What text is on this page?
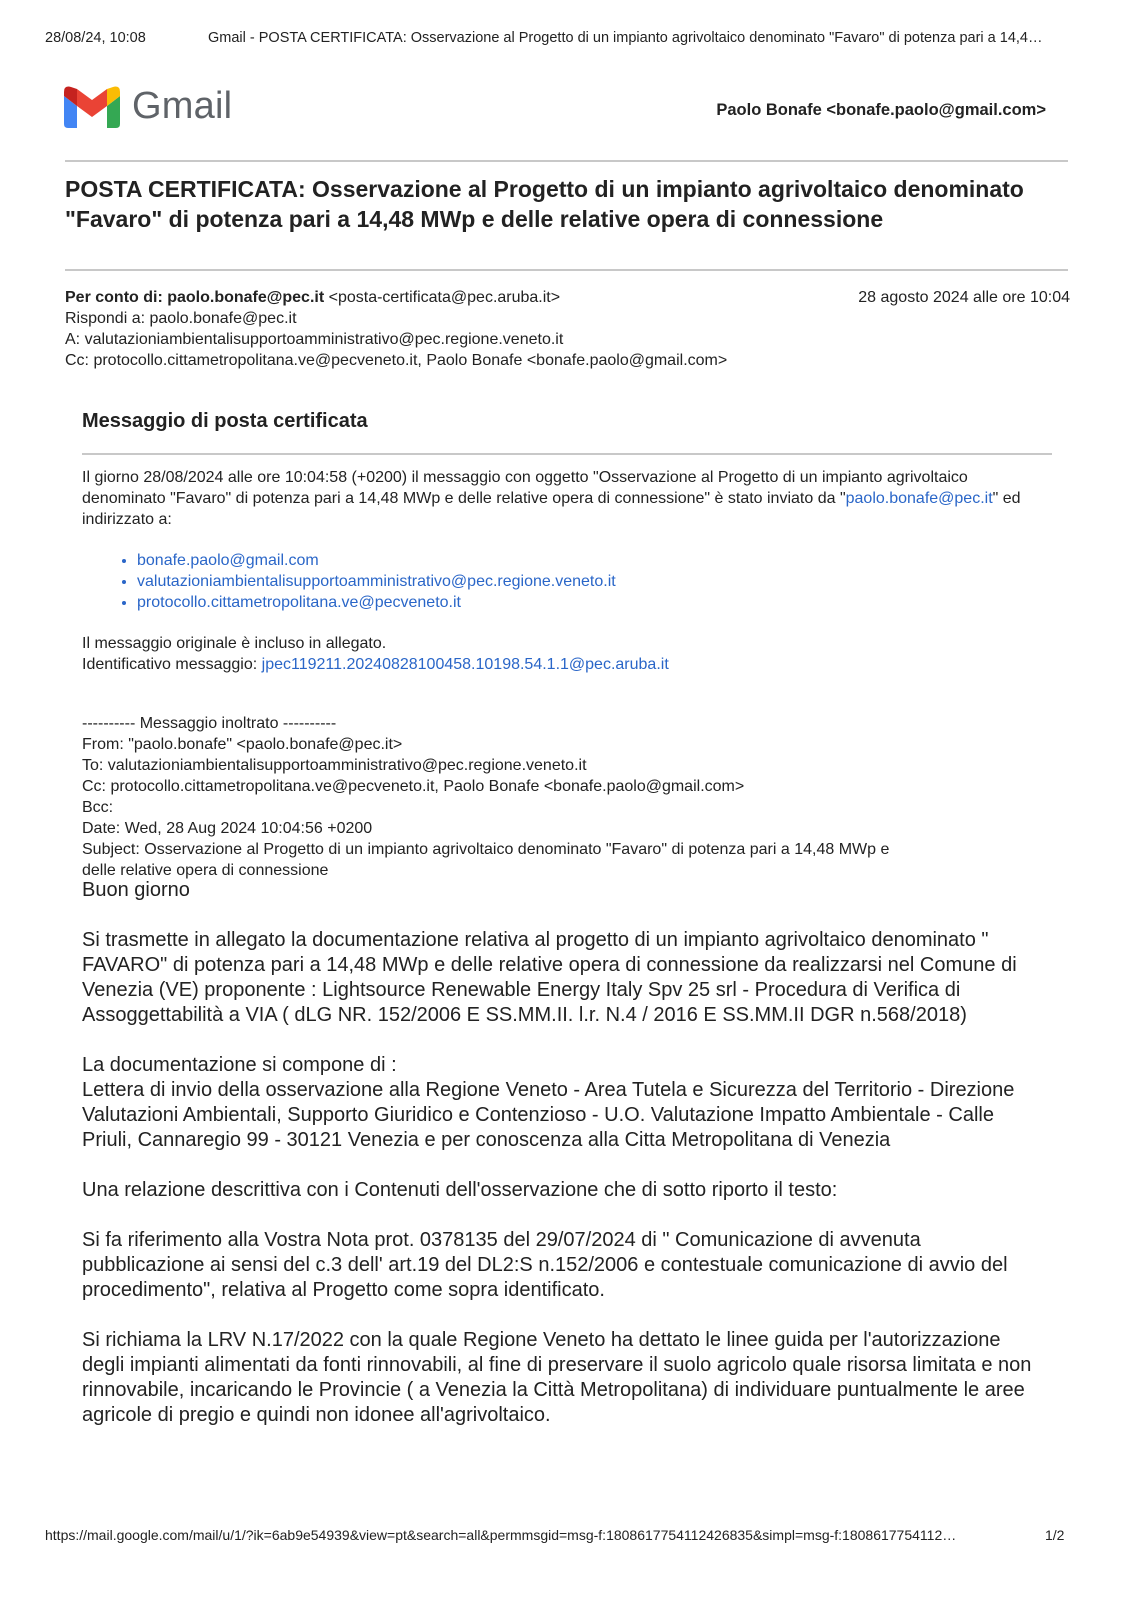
28/08/24, 10:08	Gmail - POSTA CERTIFICATA: Osservazione al Progetto di un impianto agrivoltaico denominato "Favaro" di potenza pari a 14,4…
Gmail	Paolo Bonafe <bonafe.paolo@gmail.com>
POSTA CERTIFICATA: Osservazione al Progetto di un impianto agrivoltaico denominato "Favaro" di potenza pari a 14,48 MWp e delle relative opera di connessione
Per conto di: paolo.bonafe@pec.it <posta-certificata@pec.aruba.it>	28 agosto 2024 alle ore 10:04
Rispondi a: paolo.bonafe@pec.it
A: valutazioniambientalisupportoamministrativo@pec.regione.veneto.it
Cc: protocollo.cittametropolitana.ve@pecveneto.it, Paolo Bonafe <bonafe.paolo@gmail.com>
Messaggio di posta certificata
Il giorno 28/08/2024 alle ore 10:04:58 (+0200) il messaggio con oggetto "Osservazione al Progetto di un impianto agrivoltaico denominato "Favaro" di potenza pari a 14,48 MWp e delle relative opera di connessione" è stato inviato da "paolo.bonafe@pec.it" ed indirizzato a:
• bonafe.paolo@gmail.com
• valutazioniambientalisupportoamministrativo@pec.regione.veneto.it
• protocollo.cittametropolitana.ve@pecveneto.it
Il messaggio originale è incluso in allegato.
Identificativo messaggio: jpec119211.20240828100458.10198.54.1.1@pec.aruba.it
---------- Messaggio inoltrato ----------
From: "paolo.bonafe" <paolo.bonafe@pec.it>
To: valutazioniambientalisupportoamministrativo@pec.regione.veneto.it
Cc: protocollo.cittametropolitana.ve@pecveneto.it, Paolo Bonafe <bonafe.paolo@gmail.com>
Bcc:
Date: Wed, 28 Aug 2024 10:04:56 +0200
Subject: Osservazione al Progetto di un impianto agrivoltaico denominato "Favaro" di potenza pari a 14,48 MWp e
delle relative opera di connessione

Buon giorno

Si trasmette in allegato la documentazione relativa al progetto di un impianto agrivoltaico denominato " FAVARO" di potenza pari a 14,48 MWp e delle relative opera di connessione da realizzarsi nel Comune di Venezia (VE) proponente : Lightsource Renewable Energy Italy Spv 25 srl - Procedura di Verifica di Assoggettabilità a VIA ( dLG NR. 152/2006 E SS.MM.II. l.r. N.4 / 2016 E SS.MM.II DGR n.568/2018)

La documentazione si compone di :
Lettera di invio della osservazione alla Regione Veneto - Area Tutela e Sicurezza del Territorio - Direzione Valutazioni Ambientali, Supporto Giuridico e Contenzioso - U.O. Valutazione Impatto Ambientale - Calle Priuli, Cannaregio 99 - 30121 Venezia e per conoscenza alla Citta Metropolitana di Venezia

Una relazione descrittiva con i Contenuti dell'osservazione che di sotto riporto il testo:

Si fa riferimento alla Vostra Nota prot. 0378135 del 29/07/2024 di " Comunicazione di avvenuta pubblicazione ai sensi del c.3 dell' art.19 del DL2:S n.152/2006 e contestuale comunicazione di avvio del procedimento", relativa al Progetto come sopra identificato.

Si richiama la LRV N.17/2022 con la quale Regione Veneto ha dettato le linee guida per l'autorizzazione degli impianti alimentati da fonti rinnovabili, al fine di preservare il suolo agricolo quale risorsa limitata e non rinnovabile, incaricando le Provincie ( a Venezia la Città Metropolitana) di individuare puntualmente le aree agricole di pregio e quindi non idonee all'agrivoltaico.

https://mail.google.com/mail/u/1/?ik=6ab9e54939&view=pt&search=all&permmsgid=msg-f:1808617754112426835&simpl=msg-f:1808617754112…	1/2
